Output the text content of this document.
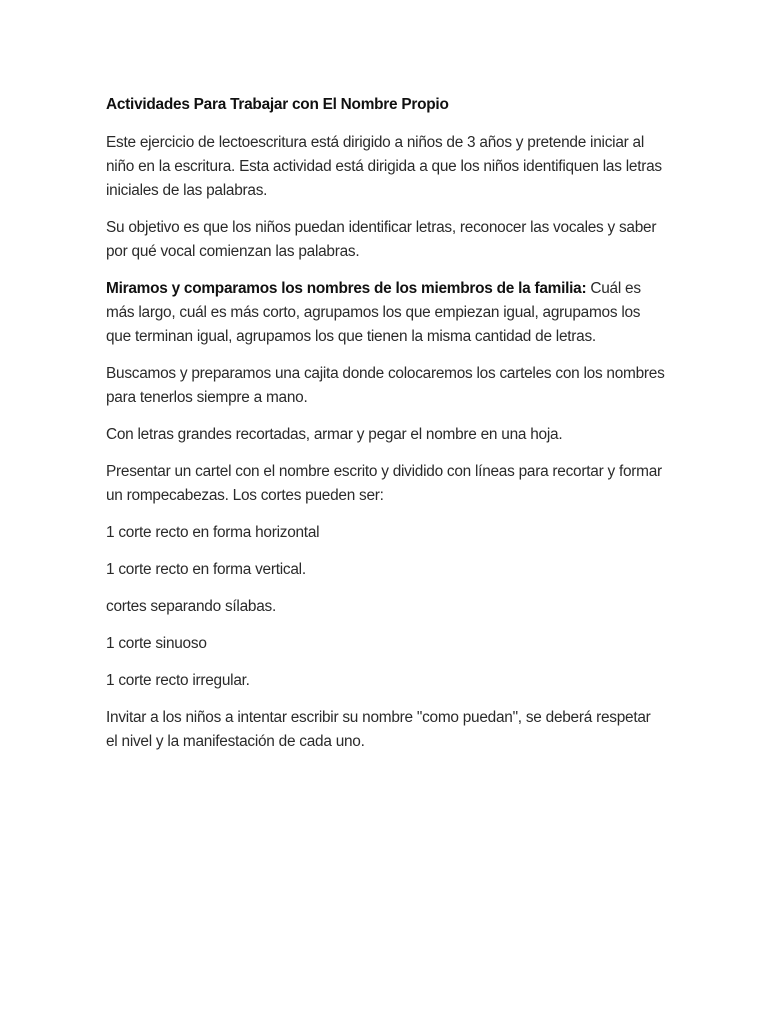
Actividades Para Trabajar con El Nombre Propio

Este ejercicio de lectoescritura está dirigido a niños de 3 años y pretende iniciar al niño en la escritura. Esta actividad está dirigida a que los niños identifiquen las letras iniciales de las palabras.

Su objetivo es que los niños puedan identificar letras, reconocer las vocales y saber por qué vocal comienzan las palabras.

Miramos y comparamos los nombres de los miembros de la familia: Cuál es más largo, cuál es más corto, agrupamos los que empiezan igual, agrupamos los que terminan igual, agrupamos los que tienen la misma cantidad de letras.

Buscamos y preparamos una cajita donde colocaremos los carteles con los nombres para tenerlos siempre a mano.

Con letras grandes recortadas, armar y pegar el nombre en una hoja.

Presentar un cartel con el nombre escrito y dividido con líneas para recortar y formar un rompecabezas. Los cortes pueden ser:

1 corte recto en forma horizontal

1 corte recto en forma vertical.

cortes separando sílabas.

1 corte sinuoso

1 corte recto irregular.

Invitar a los niños a intentar escribir su nombre "como puedan", se deberá respetar el nivel y la manifestación de cada uno.
